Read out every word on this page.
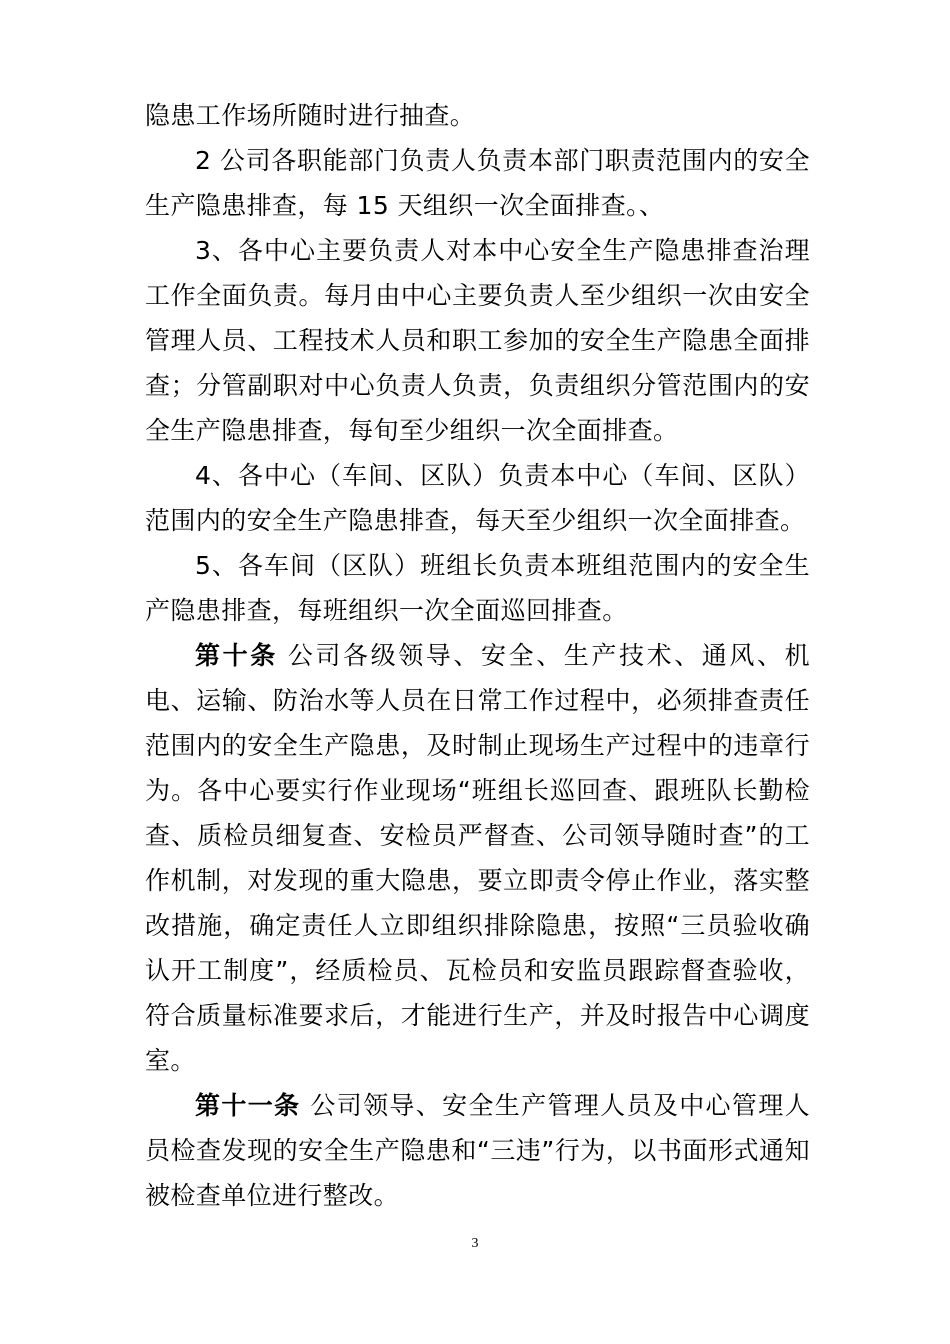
隐患工作场所随时进行抽查。

2 公司各职能部门负责人负责本部门职责范围内的安全生产隐患排查，每 15 天组织一次全面排查。、

3、各中心主要负责人对本中心安全生产隐患排查治理工作全面负责。每月由中心主要负责人至少组织一次由安全管理人员、工程技术人员和职工参加的安全生产隐患全面排查；分管副职对中心负责人负责，负责组织分管范围内的安全生产隐患排查，每旬至少组织一次全面排查。

4、各中心（车间、区队）负责本中心（车间、区队）范围内的安全生产隐患排查，每天至少组织一次全面排查。

5、各车间（区队）班组长负责本班组范围内的安全生产隐患排查，每班组织一次全面巡回排查。

第十条 公司各级领导、安全、生产技术、通风、机电、运输、防治水等人员在日常工作过程中，必须排查责任范围内的安全生产隐患，及时制止现场生产过程中的违章行为。各中心要实行作业现场“班组长巡回查、跟班队长勤检查、质检员细复查、安检员严督查、公司领导随时查”的工作机制，对发现的重大隐患，要立即责令停止作业，落实整改措施，确定责任人立即组织排除隐患，按照“三员验收确认开工制度”，经质检员、瓦检员和安监员跟踪督查验收，符合质量标准要求后，才能进行生产，并及时报告中心调度室。

第十一条 公司领导、安全生产管理人员及中心管理人员检查发现的安全生产隐患和“三违”行为，以书面形式通知被检查单位进行整改。

3
